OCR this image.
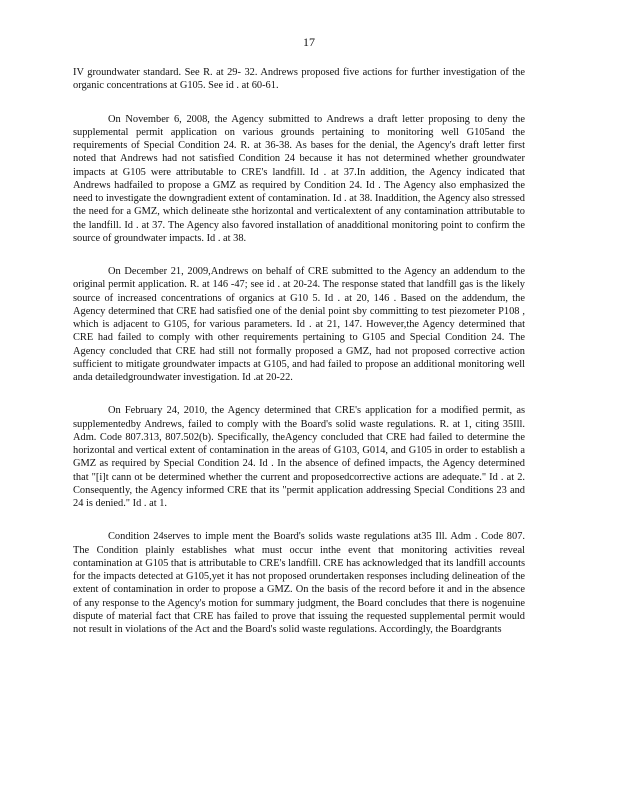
17

IV groundwater standard. See R. at 29- 32. Andrews proposed five actions for further investigation of the organic concentrations at G105. See id . at 60-61.

On November 6, 2008, the Agency submitted to Andrews a draft letter proposing to deny the supplemental permit application on various grounds pertaining to monitoring well G105and the requirements of Special Condition 24. R. at 36-38. As bases for the denial, the Agency's draft letter first noted that Andrews had not satisfied Condition 24 because it has not determined whether groundwater impacts at G105 were attributable to CRE's landfill. Id . at 37.In addition, the Agency indicated that Andrews hadfailed to propose a GMZ as required by Condition 24. Id . The Agency also emphasized the need to investigate the downgradient extent of contamination. Id . at 38. Inaddition, the Agency also stressed the need for a GMZ, which delineate sthe horizontal and verticalextent of any contamination attributable to the landfill. Id . at 37. The Agency also favored installation of anadditional monitoring point to confirm the source of groundwater impacts. Id . at 38.

On December 21, 2009,Andrews on behalf of CRE submitted to the Agency an addendum to the original permit application. R. at 146 -47; see id . at 20-24. The response stated that landfill gas is the likely source of increased concentrations of organics at G10 5. Id . at 20, 146 . Based on the addendum, the Agency determined that CRE had satisfied one of the denial point sby committing to test piezometer P108 , which is adjacent to G105, for various parameters. Id . at 21, 147. However,the Agency determined that CRE had failed to comply with other requirements pertaining to G105 and Special Condition 24. The Agency concluded that CRE had still not formally proposed a GMZ, had not proposed corrective action sufficient to mitigate groundwater impacts at G105, and had failed to propose an additional monitoring well anda detailedgroundwater investigation. Id .at 20-22.

On February 24, 2010, the Agency determined that CRE's application for a modified permit, as supplementedby Andrews, failed to comply with the Board's solid waste regulations. R. at 1, citing 35Ill. Adm. Code 807.313, 807.502(b). Specifically, theAgency concluded that CRE had failed to determine the horizontal and vertical extent of contamination in the areas of G103, G014, and G105 in order to establish a GMZ as required by Special Condition 24. Id . In the absence of defined impacts, the Agency determined that "[i]t cann ot be determined whether the current and proposedcorrective actions are adequate." Id . at 2. Consequently, the Agency informed CRE that its "permit application addressing Special Conditions 23 and 24 is denied." Id . at 1.

Condition 24serves to imple ment the Board's solids waste regulations at35 Ill. Adm . Code 807. The Condition plainly establishes what must occur inthe event that monitoring activities reveal contamination at G105 that is attributable to CRE's landfill. CRE has acknowledged that its landfill accounts for the impacts detected at G105,yet it has not proposed orundertaken responses including delineation of the extent of contamination in order to propose a GMZ. On the basis of the record before it and in the absence of any response to the Agency's motion for summary judgment, the Board concludes that there is nogenuine dispute of material fact that CRE has failed to prove that issuing the requested supplemental permit would not result in violations of the Act and the Board's solid waste regulations. Accordingly, the Boardgrants
